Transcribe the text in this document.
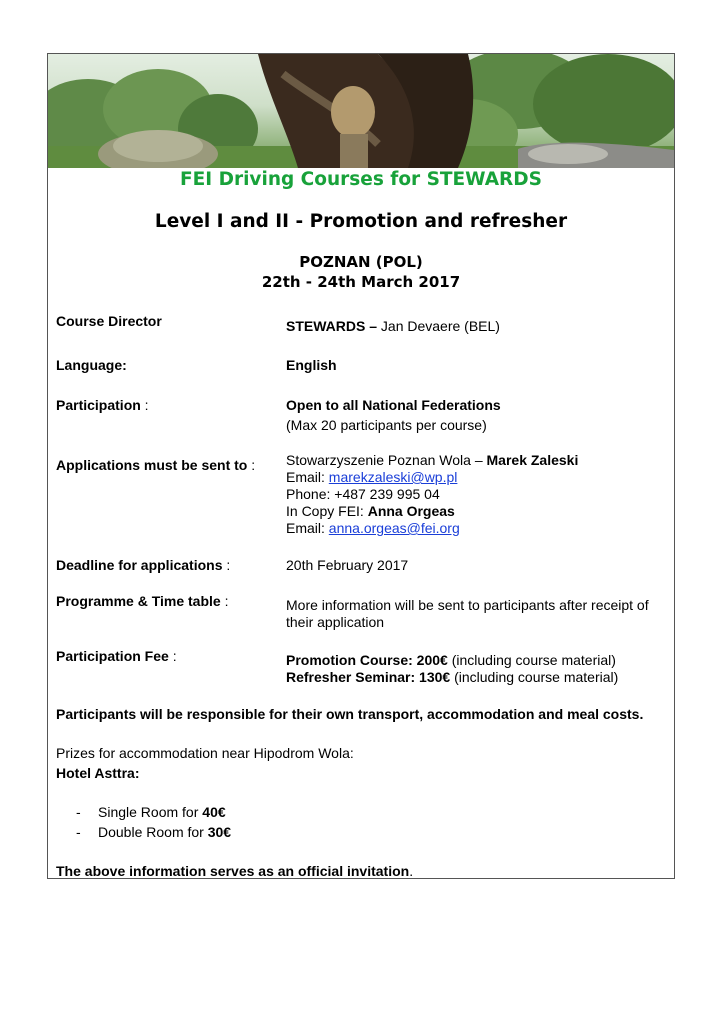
FEI Driving Courses for STEWARDS
Level I and II - Promotion and refresher
POZNAN (POL)
22th - 24th March 2017
Course Director	STEWARDS – Jan Devaere (BEL)
Language:	English
Participation :	Open to all National Federations
(Max 20 participants per course)
Applications must be sent to : Stowarzyszenie Poznan Wola – Marek Zaleski
Email: marekzaleski@wp.pl
Phone: +487 239 995 04
In Copy FEI: Anna Orgeas
Email: anna.orgeas@fei.org
Deadline for applications :	20th February 2017
Programme & Time table :	More information will be sent to participants after receipt of their application
Participation Fee :	Promotion Course: 200€ (including course material)
Refresher Seminar: 130€ (including course material)
Participants will be responsible for their own transport, accommodation and meal costs.
Prizes for accommodation near Hipodrom Wola:
Hotel Asttra:
- Single Room for 40€
- Double Room for 30€
The above information serves as an official invitation.
